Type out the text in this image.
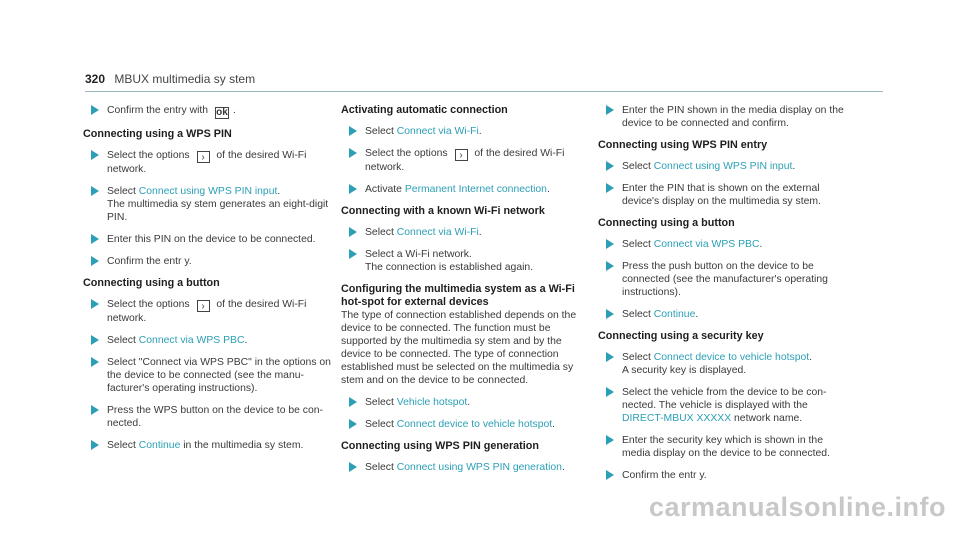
320 MBUX multimedia sy stem
Confirm the entry with ok .
Connecting using a WPS PIN
Select the options › of the desired Wi-Fi network.
Select Connect using WPS PIN input.
The multimedia sy stem generates an eight-digit PIN.
Enter this PIN on the device to be connected.
Confirm the entr y.
Connecting using a button
Select the options › of the desired Wi-Fi network.
Select Connect via WPS PBC.
Select "Connect via WPS PBC" in the options on the device to be connected (see the manu-facturer's operating instructions).
Press the WPS button on the device to be con-nected.
Select Continue in the multimedia sy stem.
Activating automatic connection
Select Connect via Wi-Fi.
Select the options › of the desired Wi-Fi network.
Activate Permanent Internet connection.
Connecting with a known Wi-Fi network
Select Connect via Wi-Fi.
Select a Wi-Fi network.
The connection is established again.
Configuring the multimedia system as a Wi-Fi hot-spot for external devices
The type of connection established depends on the device to be connected. The function must be supported by the multimedia sy stem and by the device to be connected. The type of connection established must be selected on the multimedia sy stem and on the device to be connected.
Select Vehicle hotspot.
Select Connect device to vehicle hotspot.
Connecting using WPS PIN generation
Select Connect using WPS PIN generation.
Enter the PIN shown in the media display on the device to be connected and confirm.
Connecting using WPS PIN entry
Select Connect using WPS PIN input.
Enter the PIN that is shown on the external device's display on the multimedia sy stem.
Connecting using a button
Select Connect via WPS PBC.
Press the push button on the device to be connected (see the manufacturer's operating instructions).
Select Continue.
Connecting using a security key
Select Connect device to vehicle hotspot.
A security key is displayed.
Select the vehicle from the device to be con-nected. The vehicle is displayed with the DIRECT-MBUX XXXXX network name.
Enter the security key which is shown in the media display on the device to be connected.
Confirm the entr y.
carmanualsonline.info
